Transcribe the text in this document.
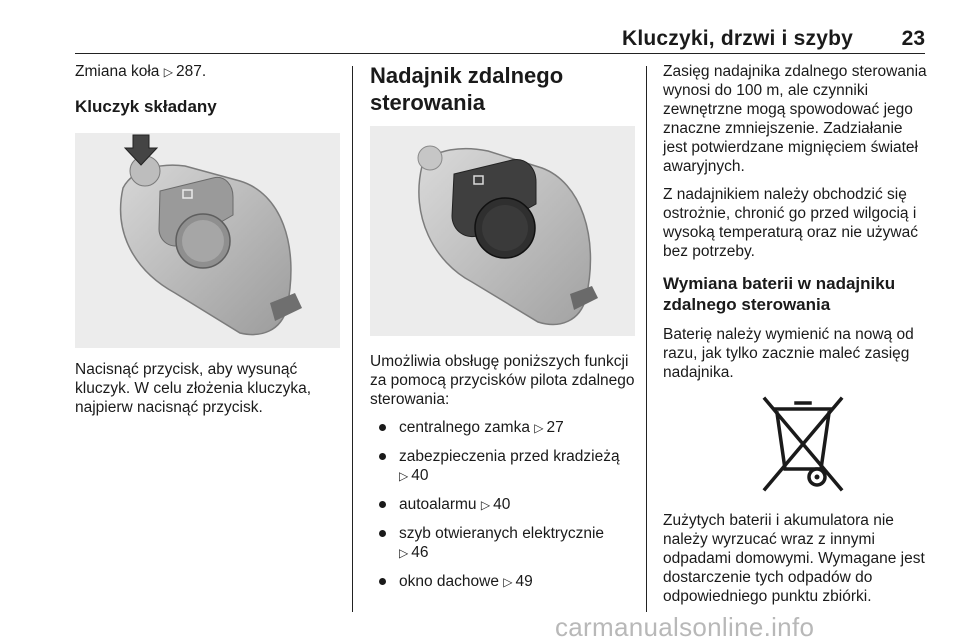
Kluczyki, drzwi i szyby 23

Zmiana koła ▷ 287.

Kluczyk składany

Nacisnąć przycisk, aby wysunąć kluczyk. W celu złożenia kluczyka, najpierw nacisnąć przycisk.

Nadajnik zdalnego sterowania

Umożliwia obsługę poniższych funkcji za pomocą przycisków pilota zdalnego sterowania:

centralnego zamka ▷ 27
zabezpieczenia przed kradzieżą ▷ 40
autoalarmu ▷ 40
szyb otwieranych elektrycznie ▷ 46
okno dachowe ▷ 49

Zasięg nadajnika zdalnego sterowania wynosi do 100 m, ale czynniki zewnętrzne mogą spowodować jego znaczne zmniejszenie. Zadziałanie jest potwierdzane mignięciem świateł awaryjnych.

Z nadajnikiem należy obchodzić się ostrożnie, chronić go przed wilgocią i wysoką temperaturą oraz nie używać bez potrzeby.

Wymiana baterii w nadajniku zdalnego sterowania

Baterię należy wymienić na nową od razu, jak tylko zacznie maleć zasięg nadajnika.

Zużytych baterii i akumulatora nie należy wyrzucać wraz z innymi odpadami domowymi. Wymagane jest dostarczenie tych odpadów do odpowiedniego punktu zbiórki.

carmanualsonline.info
